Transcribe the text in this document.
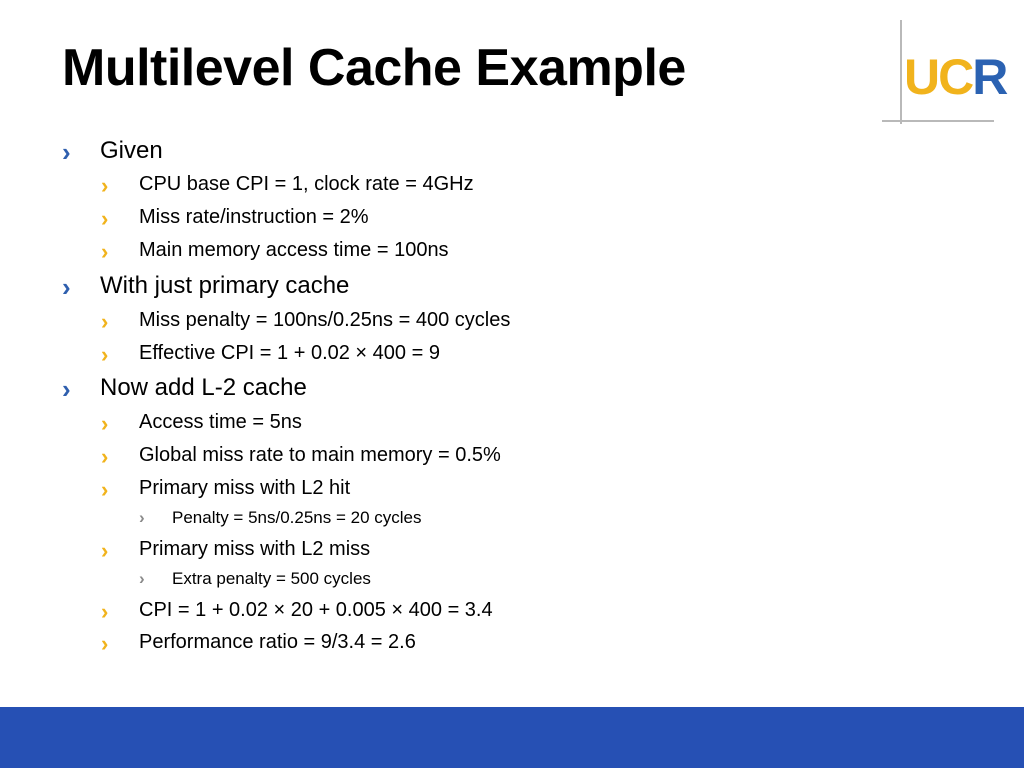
Multilevel Cache Example	UCR
› Given
› CPU base CPI = 1, clock rate = 4GHz
› Miss rate/instruction = 2%
› Main memory access time = 100ns
› With just primary cache
› Miss penalty = 100ns/0.25ns = 400 cycles
› Effective CPI = 1 + 0.02 × 400 = 9
› Now add L-2 cache
› Access time = 5ns
› Global miss rate to main memory = 0.5%
› Primary miss with L2 hit
› Penalty = 5ns/0.25ns = 20 cycles
› Primary miss with L2 miss
› Extra penalty = 500 cycles
› CPI = 1 + 0.02 × 20 + 0.005 × 400 = 3.4
› Performance ratio = 9/3.4 = 2.6
